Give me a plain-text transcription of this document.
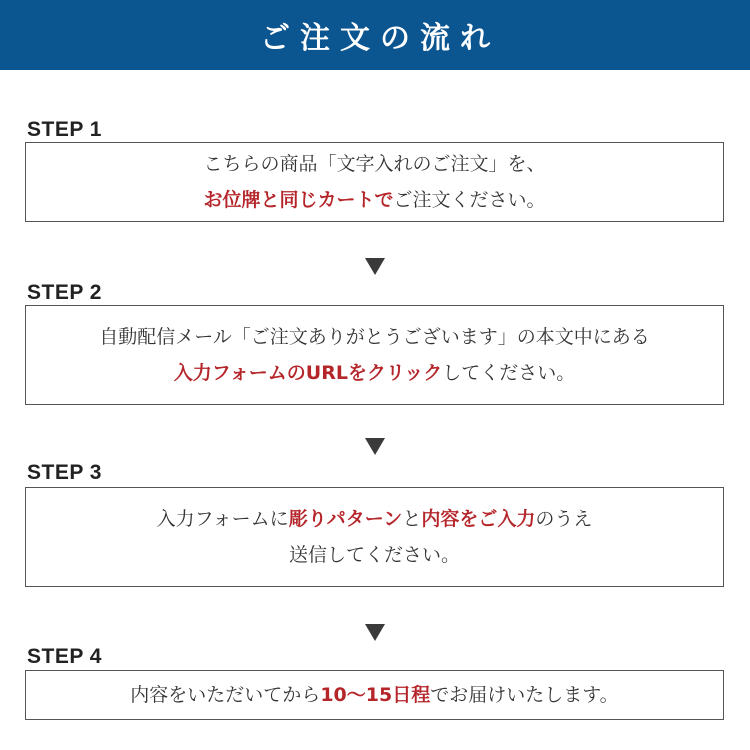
ご注文の流れ
STEP 1
こちらの商品「文字入れのご注文」を、
お位牌と同じカートでご注文ください。
STEP 2
自動配信メール「ご注文ありがとうございます」の本文中にある
入力フォームのURLをクリックしてください。
STEP 3
入力フォームに彫りパターンと内容をご入力のうえ
送信してください。
STEP 4
内容をいただいてから10〜15日程でお届けいたします。
